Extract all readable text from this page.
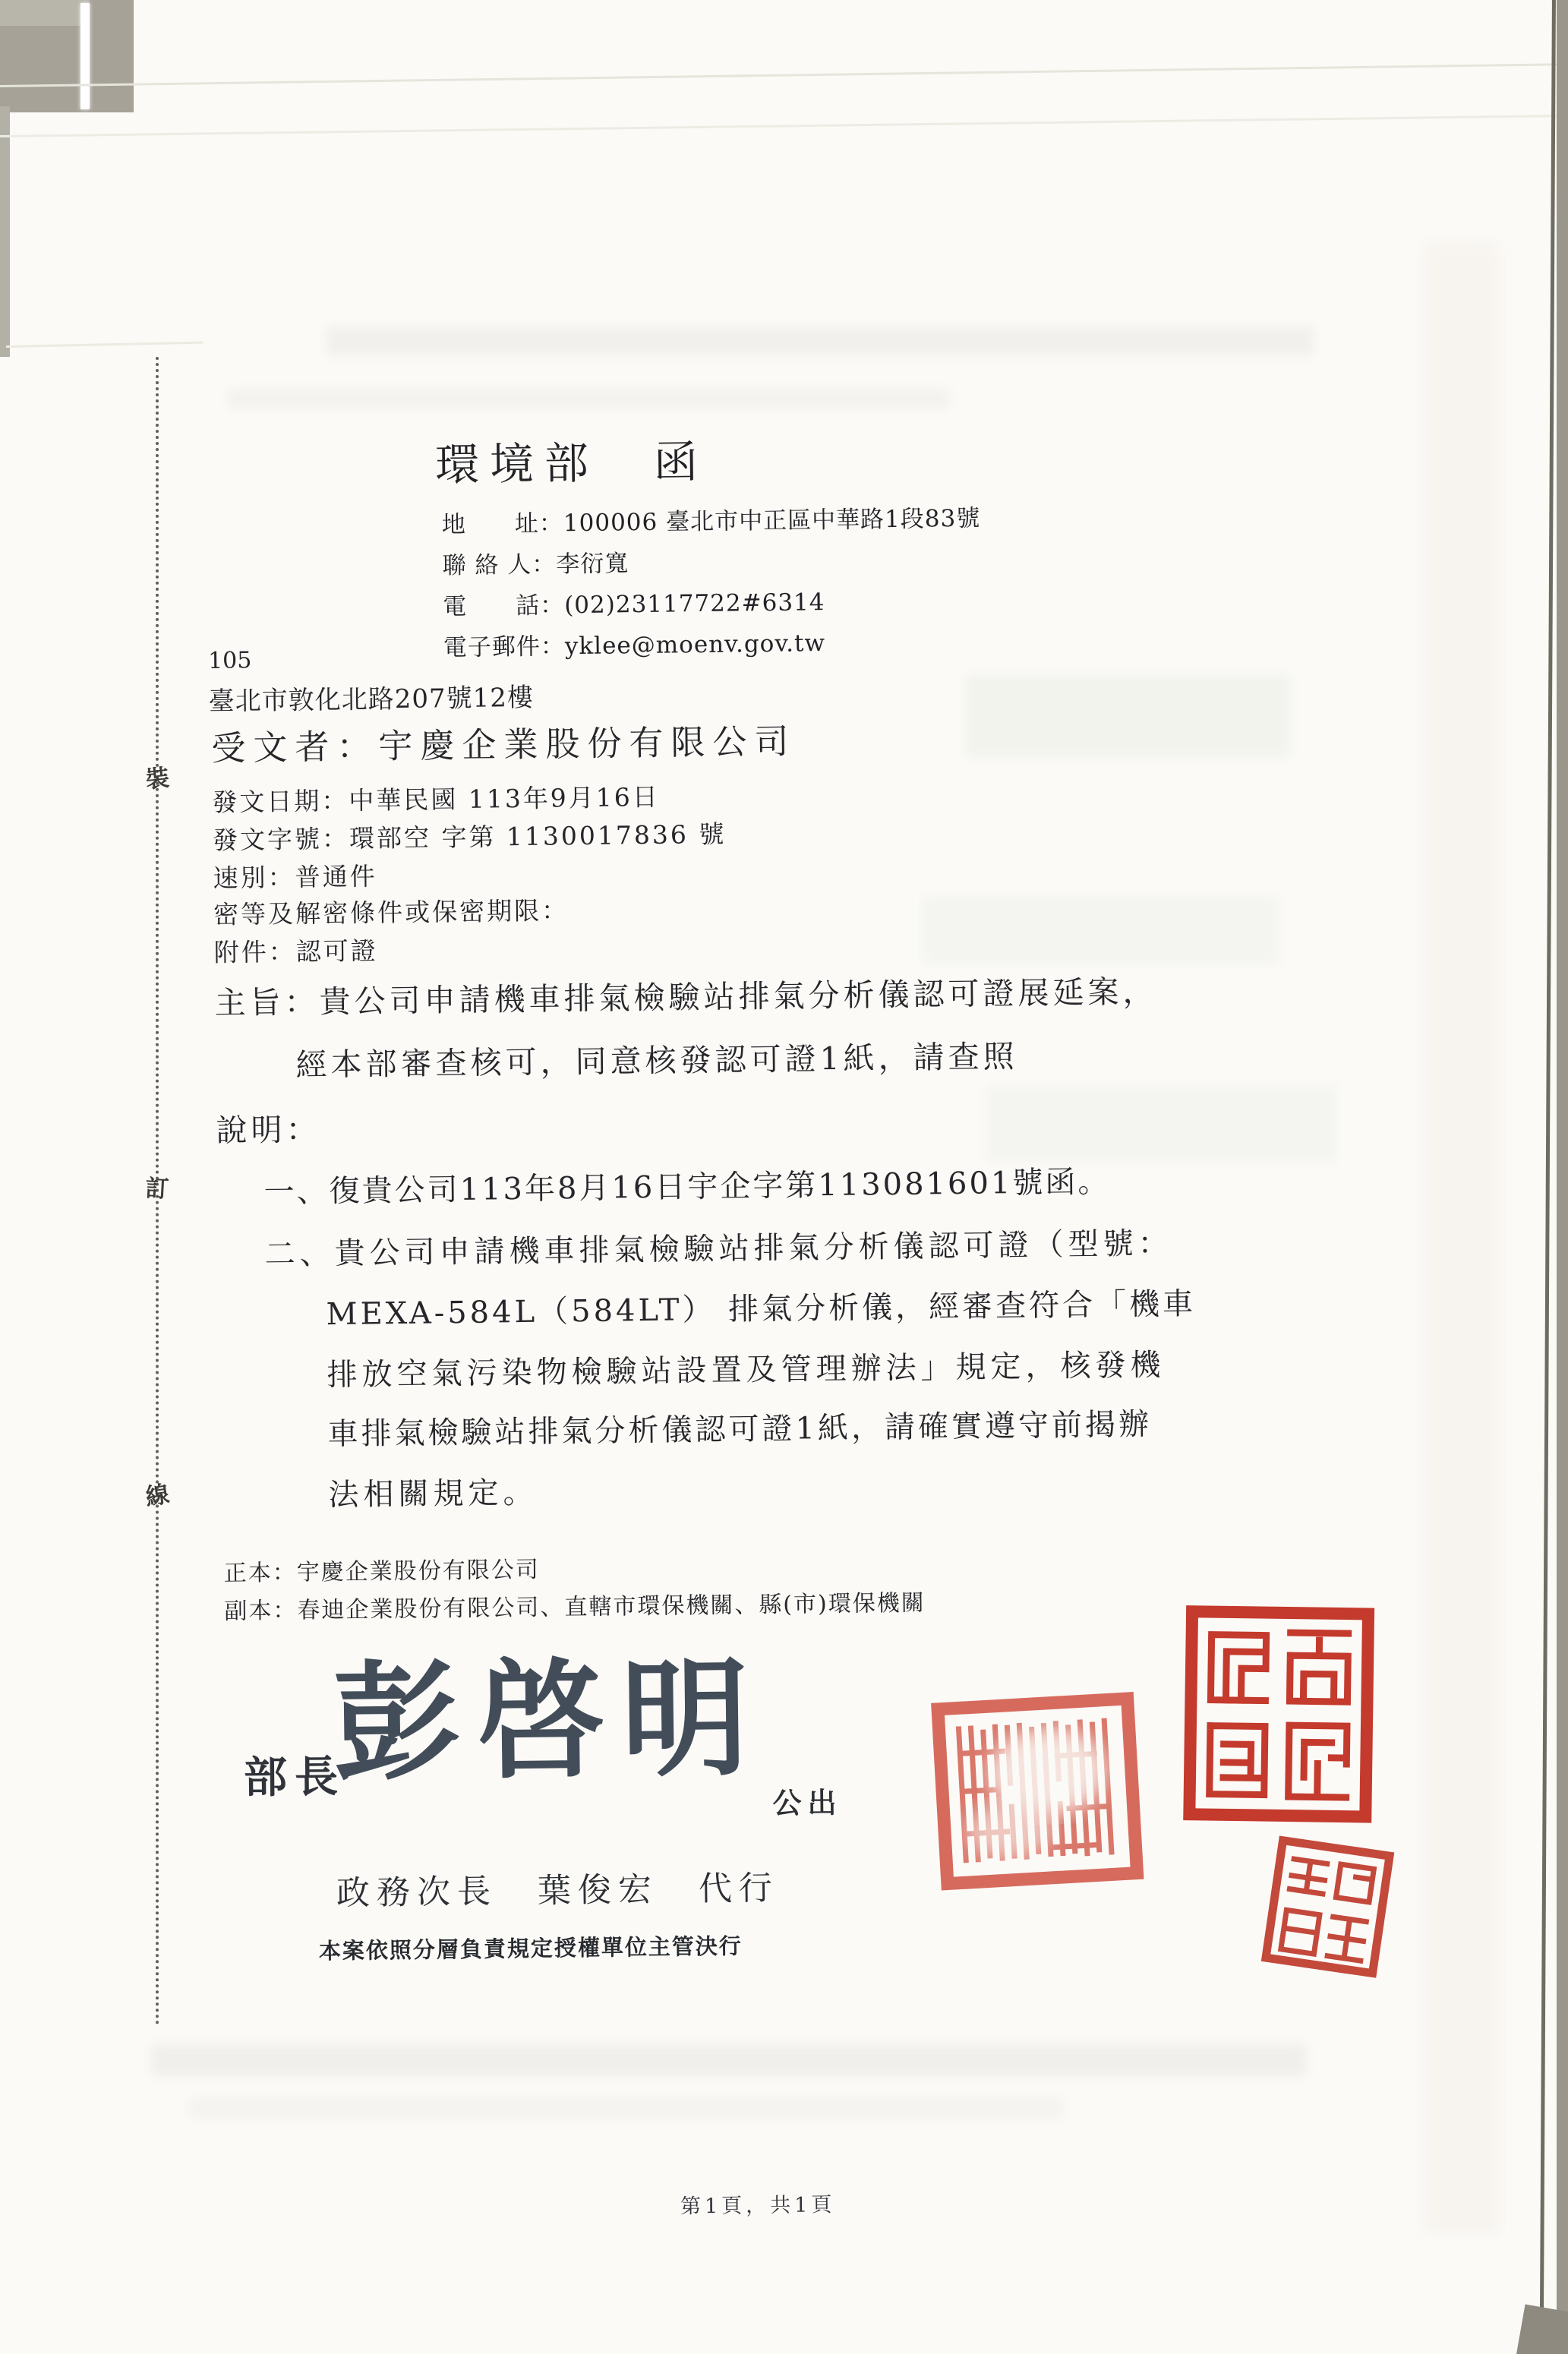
裝
訂
線
環境部　函
地　　址：100006 臺北市中正區中華路1段83號
聯 絡 人：李衍寬
電　　話：(02)23117722#6314
電子郵件：yklee@moenv.gov.tw
105
臺北市敦化北路207號12樓
受文者：宇慶企業股份有限公司
發文日期：中華民國 113年9月16日
發文字號：環部空 字第 1130017836 號
速別：普通件
密等及解密條件或保密期限：
附件：認可證
主旨：貴公司申請機車排氣檢驗站排氣分析儀認可證展延案，
經本部審查核可，同意核發認可證1紙，請查照
說明：
一、復貴公司113年8月16日宇企字第113081601號函。
二、貴公司申請機車排氣檢驗站排氣分析儀認可證（型號：
MEXA-584L（584LT） 排氣分析儀，經審查符合「機車
排放空氣污染物檢驗站設置及管理辦法」規定，核發機
車排氣檢驗站排氣分析儀認可證1紙，請確實遵守前揭辦
法相關規定。
正本：宇慶企業股份有限公司
副本：春迪企業股份有限公司、直轄市環保機關、縣(市)環保機關
部長
彭啓明
公出
政務次長　葉俊宏　代行
本案依照分層負責規定授權單位主管決行
第1頁，共1頁
